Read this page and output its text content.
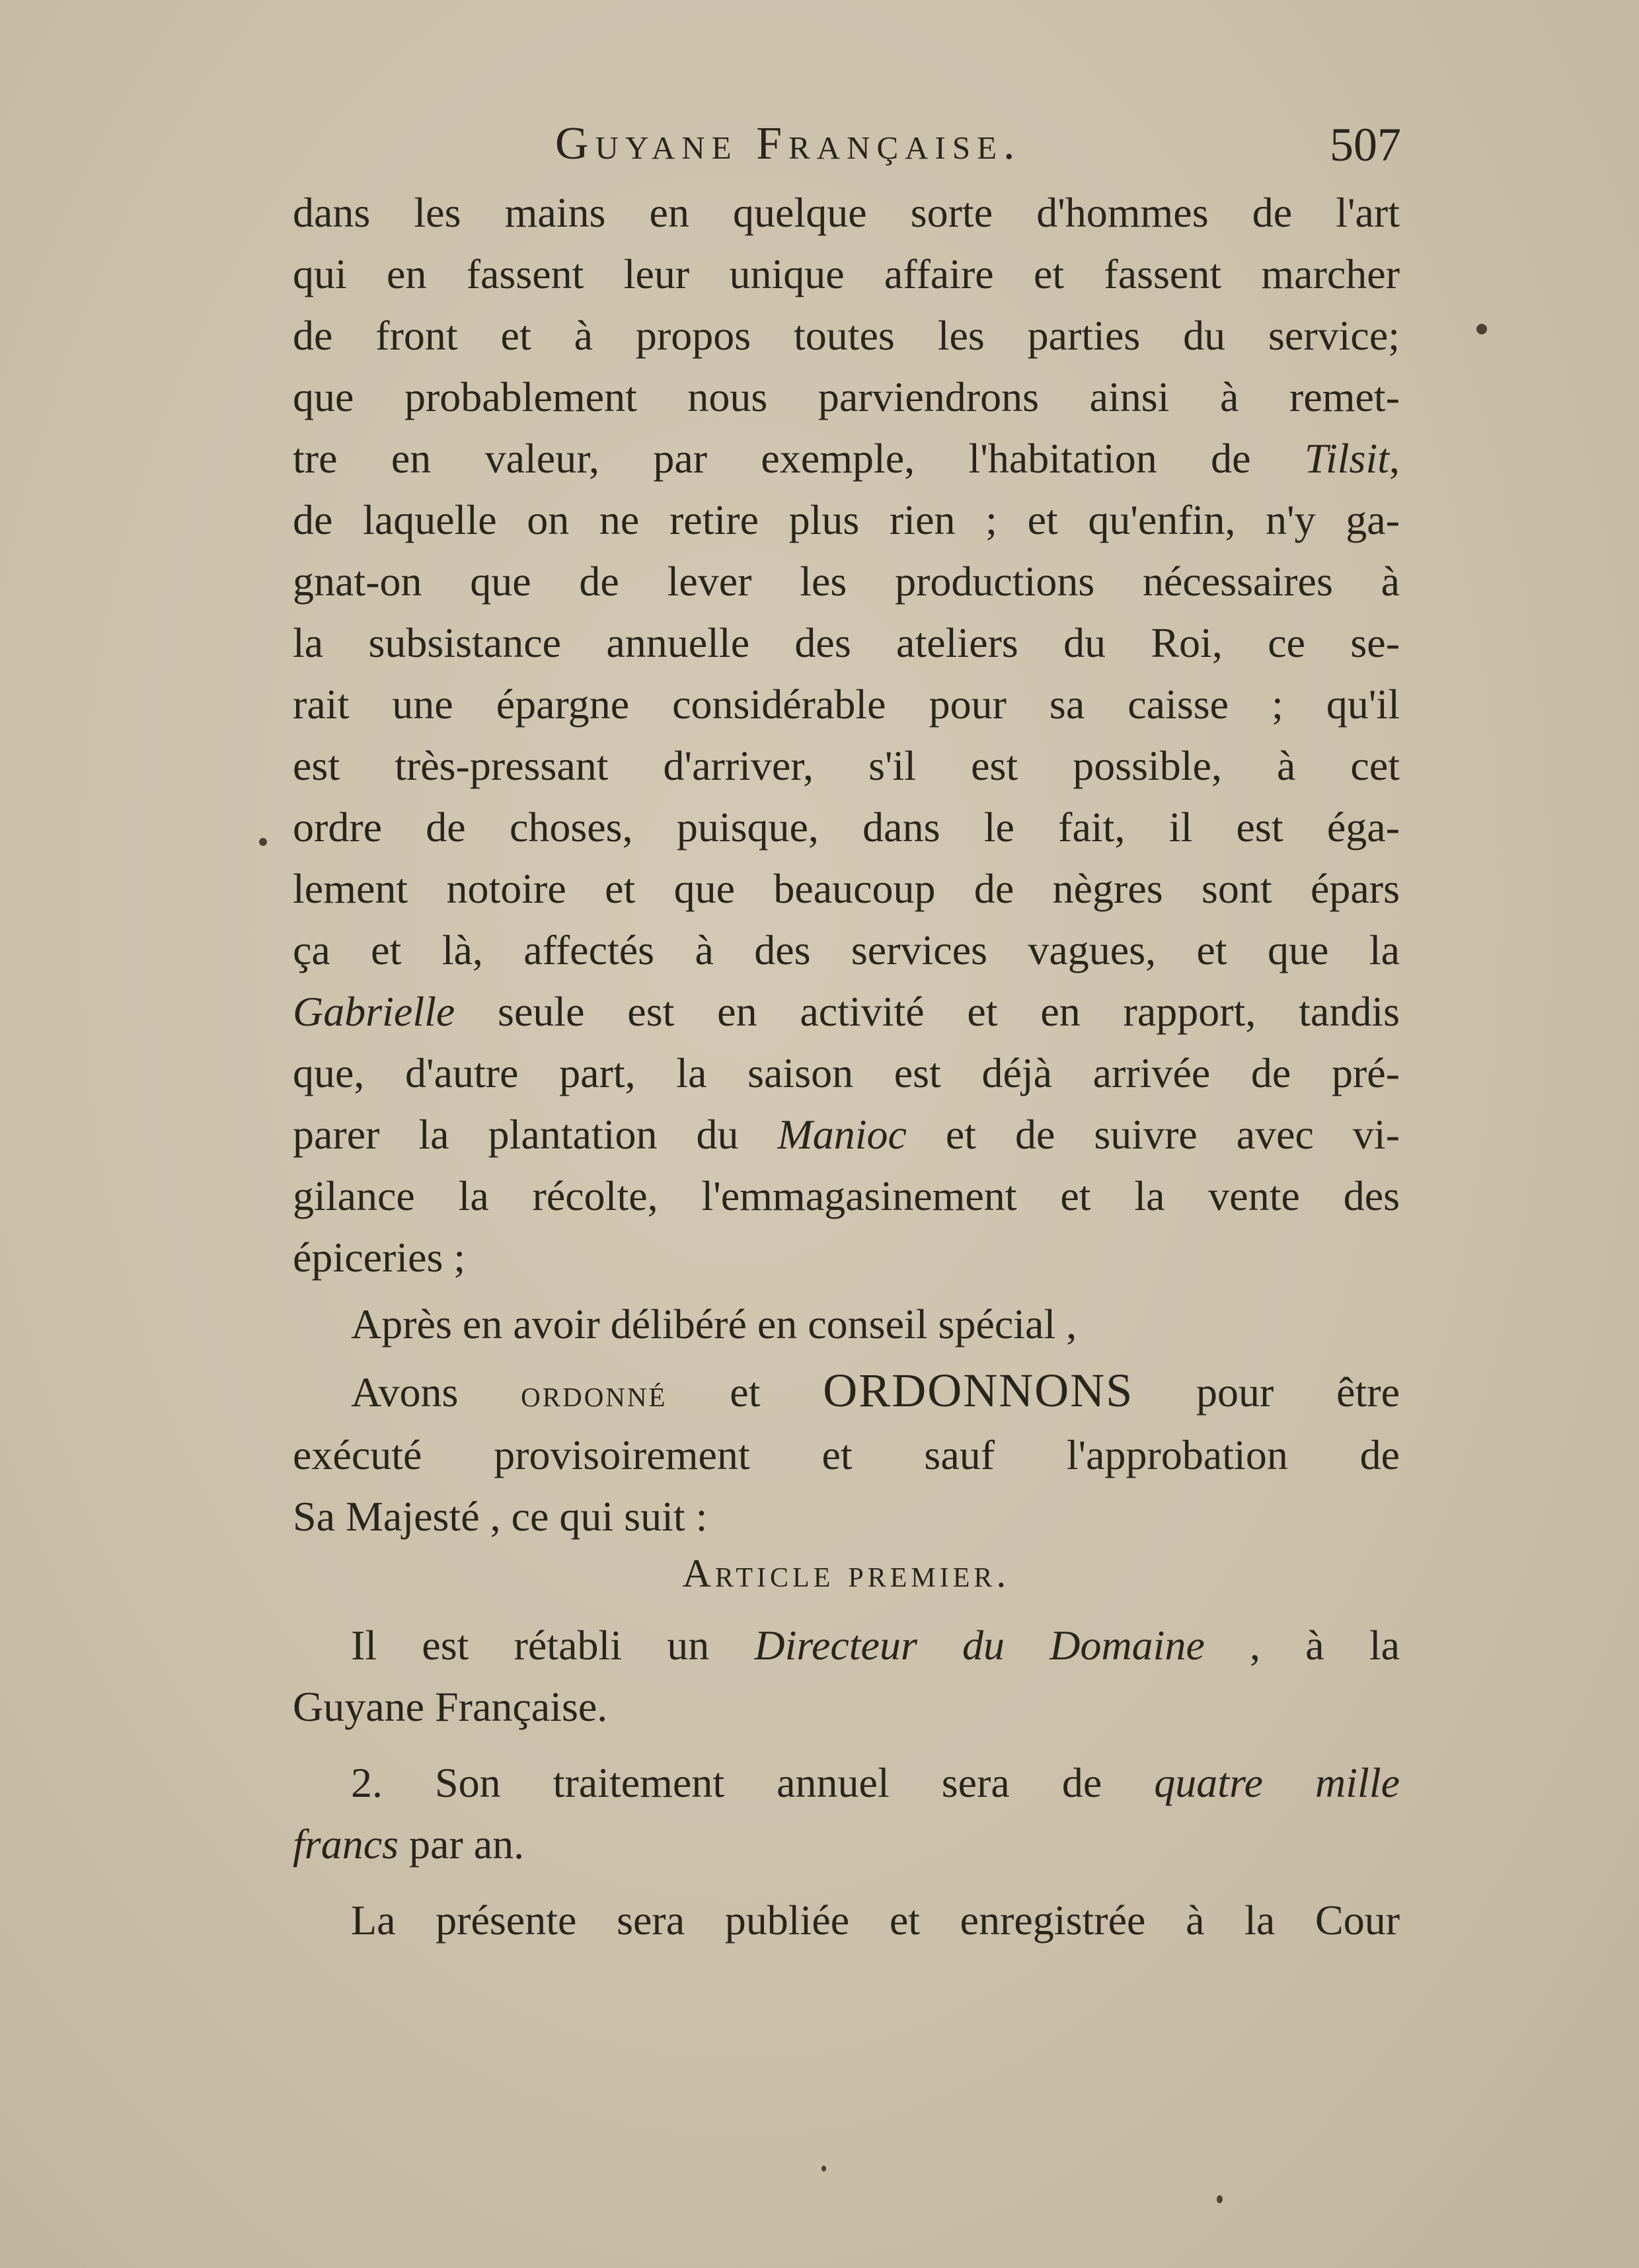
Guyane Française.	507

dans les mains en quelque sorte d'hommes de l'art

qui en fassent leur unique affaire et fassent marcher

de front et à propos toutes les parties du service;

que probablement nous parviendrons ainsi à remet-

tre en valeur, par exemple, l'habitation de Tilsit,

de laquelle on ne retire plus rien ; et qu'enfin, n'y ga-

gnat-on que de lever les productions nécessaires à

la subsistance annuelle des ateliers du Roi, ce se-

rait une épargne considérable pour sa caisse ; qu'il

est très-pressant d'arriver, s'il est possible, à cet

ordre de choses, puisque, dans le fait, il est éga-

lement notoire et que beaucoup de nègres sont épars

ça et là, affectés à des services vagues, et que la

Gabrielle seule est en activité et en rapport, tandis

que, d'autre part, la saison est déjà arrivée de pré-

parer la plantation du Manioc et de suivre avec vi-

gilance la récolte, l'emmagasinement et la vente des

épiceries ;

Après en avoir délibéré en conseil spécial ,

Avons ordonné et ORDONNONS pour être

exécuté provisoirement et sauf l'approbation de

Sa Majesté , ce qui suit :

Article premier.

Il est rétabli un Directeur du Domaine , à la

Guyane Française.

2. Son traitement annuel sera de quatre mille

francs par an.

La présente sera publiée et enregistrée à la Cour
